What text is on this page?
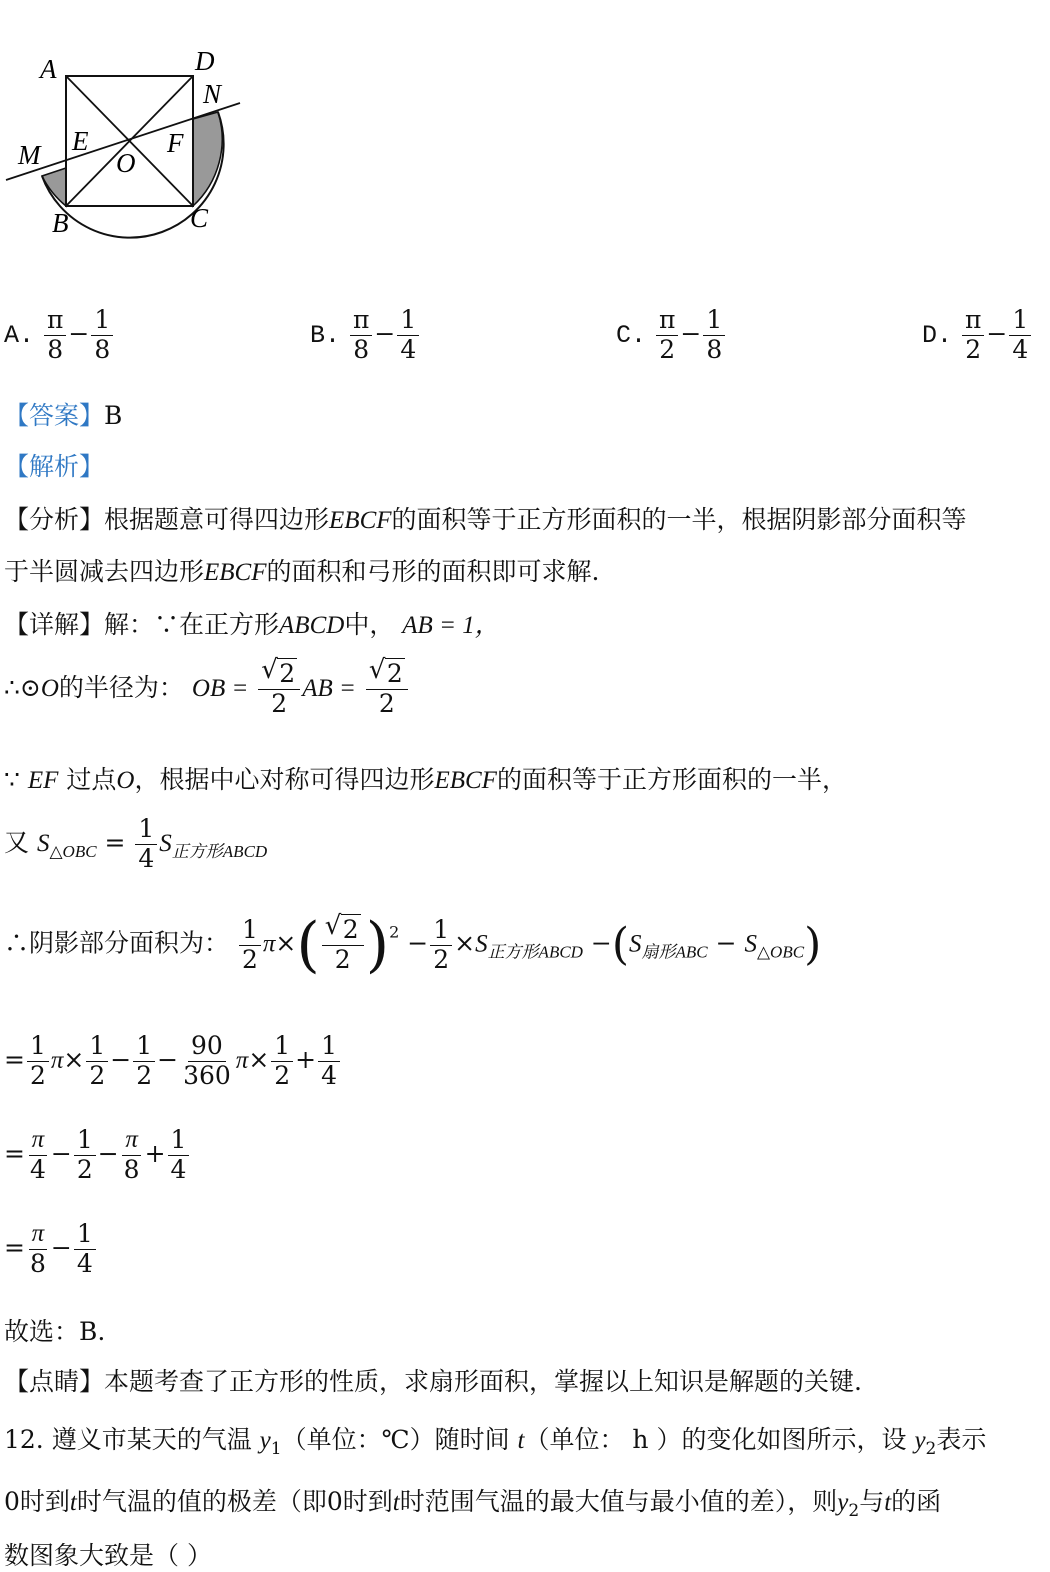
A	D
N
M E
O
F
B	C
A. $\frac{\pi}{8} - \frac{1}{8}$	B. $\frac{\pi}{8} - \frac{1}{4}$	C. $\frac{\pi}{2} - \frac{1}{8}$	D. $\frac{\pi}{2} - \frac{1}{4}$
【答案】B
【解析】
【分析】根据题意可得四边形EBCF的面积等于正方形面积的一半，根据阴影部分面积等
于半圆减去四边形EBCF的面积和弓形的面积即可求解.
【详解】解：∵在正方形ABCD中， AB = 1，
∴⊙O的半径为： OB = $\frac{√ 2}{2}$ AB = $\frac{√ 2}{2}$
∵ EF 过点O，根据中心对称可得四边形EBCF的面积等于正方形面积的一半，
又 $S_{\triangle OBC} = \frac{1}{4} S_{正方形ABCD}$
∴阴影部分面积为： $\frac{1}{2} \pi\times( \frac{√ 2}{2} )^2 - \frac{1}{2} \times S_{正方形ABCD} -(S_{扇形ABC} - S_{\triangle OBC})$
= $\frac{1}{2} \pi\times \frac{1}{2} - \frac{1}{2} - \frac{90}{360} \pi\times \frac{1}{2} + \frac{1}{4}$
= $\frac{\pi}{4} - \frac{1}{2} - \frac{\pi}{8} + \frac{1}{4}$
= $\frac{\pi}{8} - \frac{1}{4}$
故选：B.
【点睛】本题考查了正方形的性质，求扇形面积，掌握以上知识是解题的关键.
12. 遵义市某天的气温 $y_1$（单位：℃）随时间 t（单位： h ）的变化如图所示，设 $y_2$表示
0时到t时气温的值的极差（即0时到t时范围气温的最大值与最小值的差），则$y_2$与t的函
数图象大致是（ ）
